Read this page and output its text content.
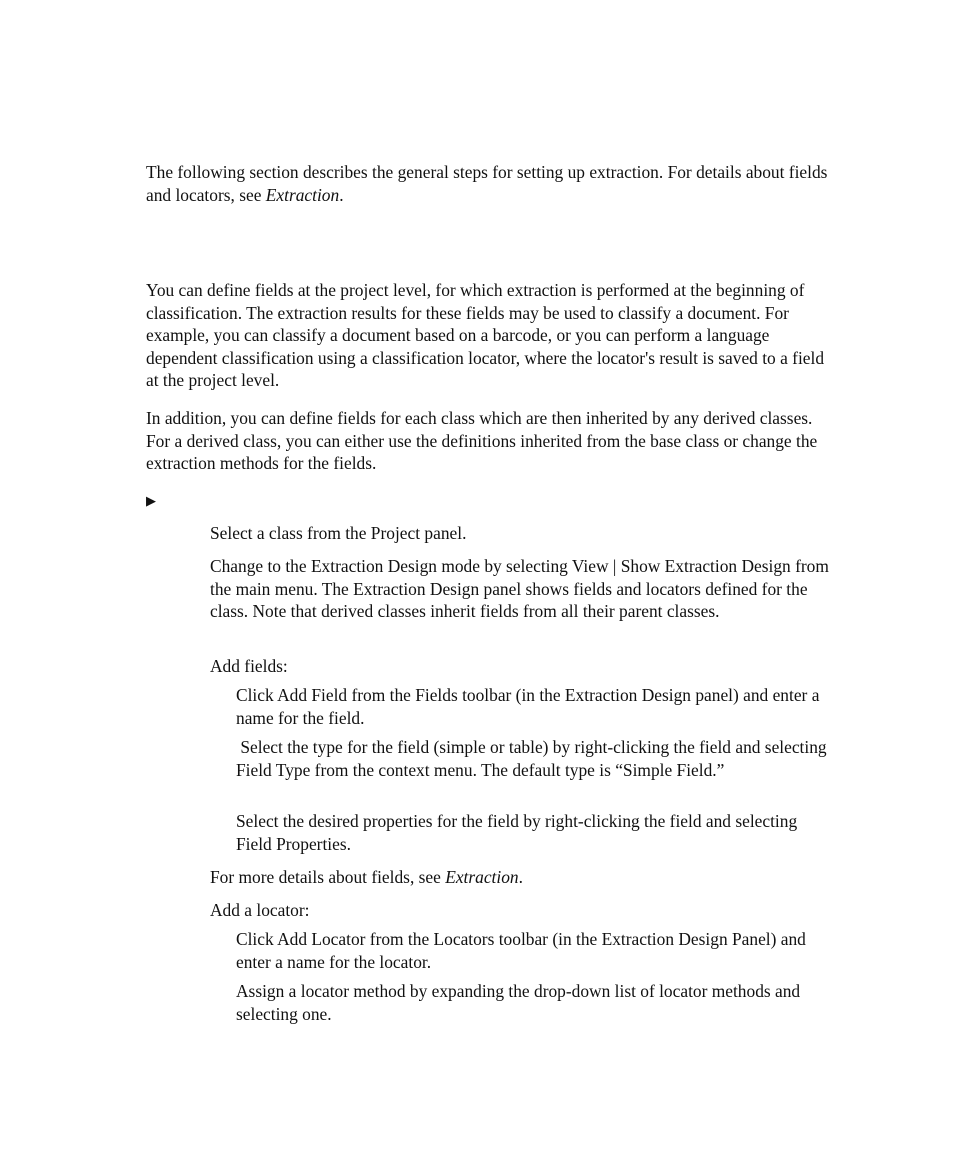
The following section describes the general steps for setting up extraction. For details about fields and locators, see Extraction.

You can define fields at the project level, for which extraction is performed at the beginning of classification. The extraction results for these fields may be used to classify a document. For example, you can classify a document based on a barcode, or you can perform a language dependent classification using a classification locator, where the locator's result is saved to a field at the project level.

In addition, you can define fields for each class which are then inherited by any derived classes. For a derived class, you can either use the definitions inherited from the base class or change the extraction methods for the fields.

▶

Select a class from the Project panel.

Change to the Extraction Design mode by selecting View | Show Extraction Design from the main menu. The Extraction Design panel shows fields and locators defined for the class. Note that derived classes inherit fields from all their parent classes.

Add fields:

Click Add Field from the Fields toolbar (in the Extraction Design panel) and enter a name for the field.

Select the type for the field (simple or table) by right-clicking the field and selecting Field Type from the context menu. The default type is “Simple Field.”

Select the desired properties for the field by right-clicking the field and selecting Field Properties.

For more details about fields, see Extraction.

Add a locator:

Click Add Locator from the Locators toolbar (in the Extraction Design Panel) and enter a name for the locator.

Assign a locator method by expanding the drop-down list of locator methods and selecting one.
